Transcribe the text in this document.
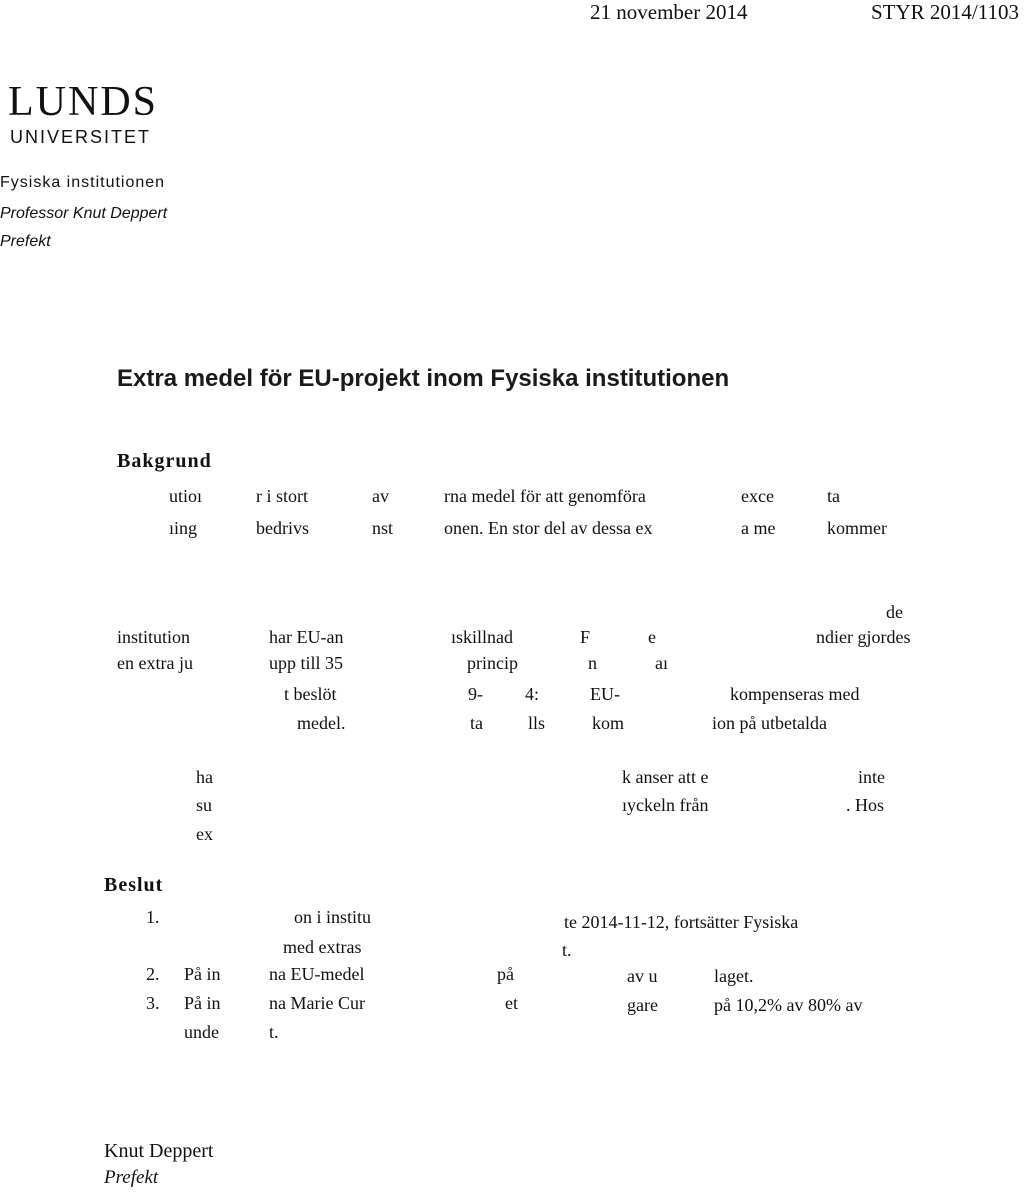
21 november 2014	STYR 2014/1103
LUNDS
UNIVERSITET
Fysiska institutionen
Professor Knut Deppert
Prefekt
Extra medel för EU-projekt inom Fysiska institutionen
Bakgrund
utioı	r i stort	av	rna medel för att genomföra	exce	ta
ıing	bedrivs	nst	onen. En stor del av dessa ex	a me	kommer
de
institution	har EU-an	ıskillnad	F	e	ndier gjordes
en extra ju	upp till 35	princip	n	aı
t beslöt	9- 4:	EU-	kompenseras med
medel.	ta	lls	kom	ion på utbetalda
ha	k anser att e	inte
su	ıyckeln från	. Hos
ex
Beslut
1.	on i institu	te 2014-11-12, fortsätter Fysiska
med extras	t.
2. På in	na EU-medel	på	av u	laget.
3. På in	na Marie Cur	et	gare	på 10,2% av 80% av
unde	t.
Knut Deppert
Prefekt
